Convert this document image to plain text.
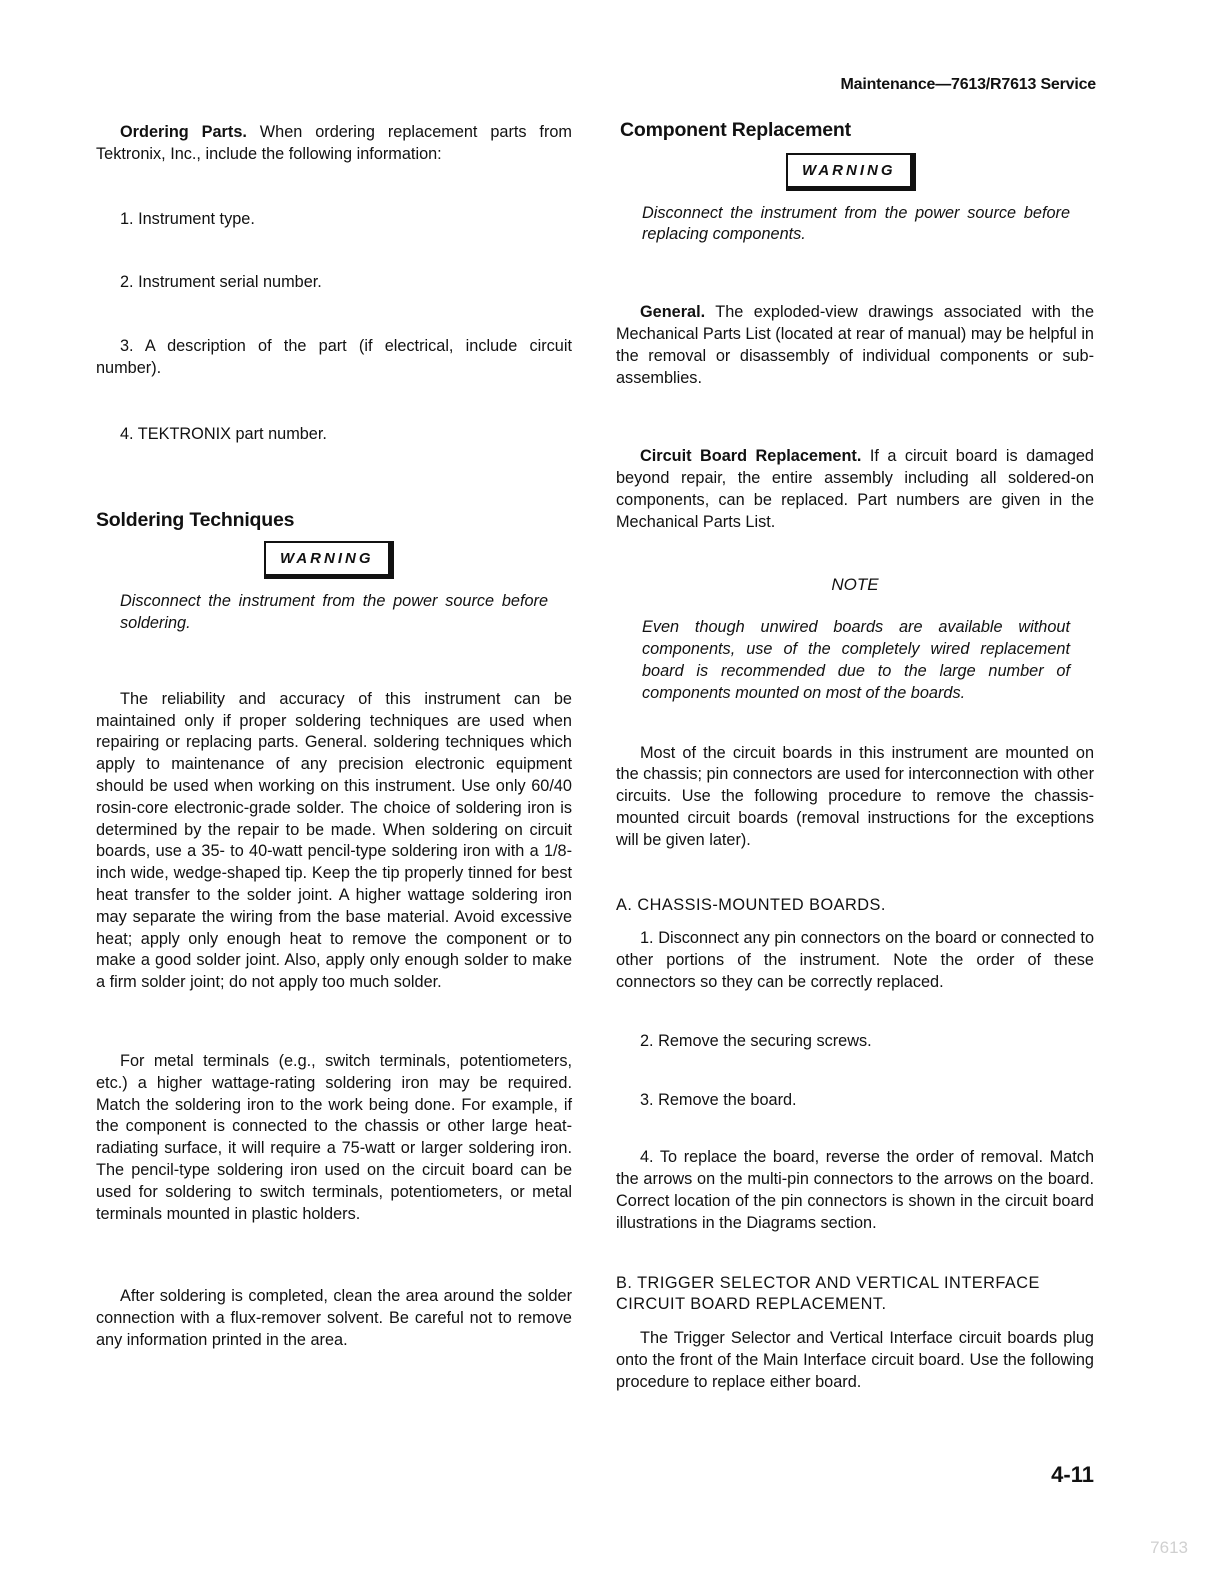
Maintenance—7613/R7613 Service

Ordering Parts. When ordering replacement parts from Tektronix, Inc., include the following information:

1. Instrument type.

2. Instrument serial number.

3. A description of the part (if electrical, include circuit number).

4. TEKTRONIX part number.

Soldering Techniques
WARNING

Disconnect the instrument from the power source before soldering.

The reliability and accuracy of this instrument can be maintained only if proper soldering techniques are used when repairing or replacing parts. General. soldering techniques which apply to maintenance of any precision electronic equipment should be used when working on this instrument. Use only 60/40 rosin-core electronic-grade solder. The choice of soldering iron is determined by the repair to be made. When soldering on circuit boards, use a 35- to 40-watt pencil-type soldering iron with a 1/8-inch wide, wedge-shaped tip. Keep the tip properly tinned for best heat transfer to the solder joint. A higher wattage soldering iron may separate the wiring from the base material. Avoid excessive heat; apply only enough heat to remove the component or to make a good solder joint. Also, apply only enough solder to make a firm solder joint; do not apply too much solder.

For metal terminals (e.g., switch terminals, potentiometers, etc.) a higher wattage-rating soldering iron may be required. Match the soldering iron to the work being done. For example, if the component is connected to the chassis or other large heat-radiating surface, it will require a 75-watt or larger soldering iron. The pencil-type soldering iron used on the circuit board can be used for soldering to switch terminals, potentiometers, or metal terminals mounted in plastic holders.

After soldering is completed, clean the area around the solder connection with a flux-remover solvent. Be careful not to remove any information printed in the area.

Component Replacement
WARNING

Disconnect the instrument from the power source before replacing components.

General. The exploded-view drawings associated with the Mechanical Parts List (located at rear of manual) may be helpful in the removal or disassembly of individual components or sub-assemblies.

Circuit Board Replacement. If a circuit board is damaged beyond repair, the entire assembly including all soldered-on components, can be replaced. Part numbers are given in the Mechanical Parts List.

NOTE

Even though unwired boards are available without components, use of the completely wired replacement board is recommended due to the large number of components mounted on most of the boards.

Most of the circuit boards in this instrument are mounted on the chassis; pin connectors are used for interconnection with other circuits. Use the following procedure to remove the chassis-mounted circuit boards (removal instructions for the exceptions will be given later).

A. CHASSIS-MOUNTED BOARDS.

1. Disconnect any pin connectors on the board or connected to other portions of the instrument. Note the order of these connectors so they can be correctly replaced.

2. Remove the securing screws.

3. Remove the board.

4. To replace the board, reverse the order of removal. Match the arrows on the multi-pin connectors to the arrows on the board. Correct location of the pin connectors is shown in the circuit board illustrations in the Diagrams section.

B. TRIGGER SELECTOR AND VERTICAL INTERFACE CIRCUIT BOARD REPLACEMENT.

The Trigger Selector and Vertical Interface circuit boards plug onto the front of the Main Interface circuit board. Use the following procedure to replace either board.

4-11
7613
